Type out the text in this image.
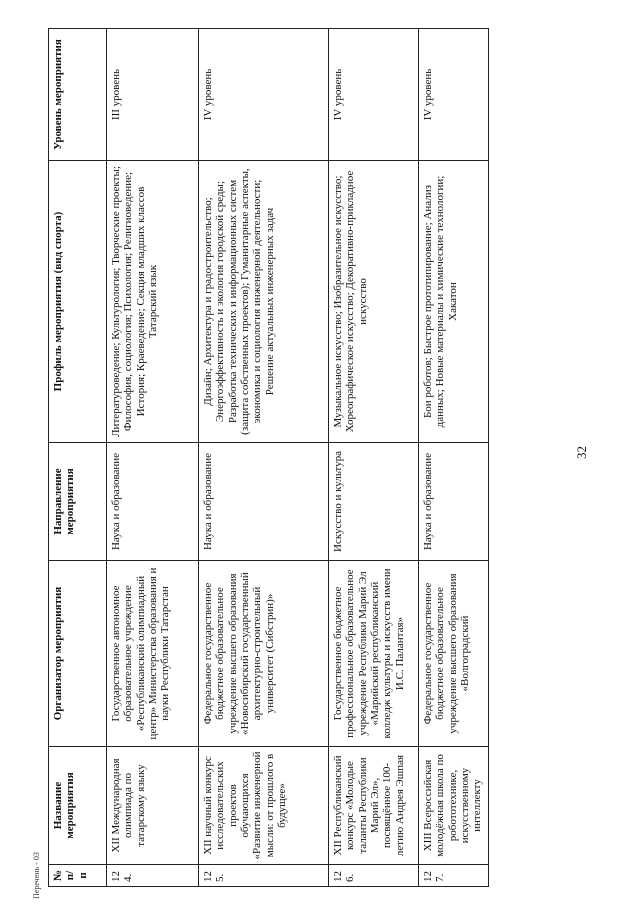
32
Перечень - 03 № п/п	Название мероприятия	Организатор мероприятия	Направление мероприятия	Профиль мероприятия (вид спорта)	Уровень мероприятия
124.	XII Международная олимпиада по татарскому языку	Государственное автономное образовательное учреждение «Республиканский олимпиадный центр» Министерства образования и науки Республики Татарстан	Наука и образование	Литературоведение; Культурология; Творческие проекты; Философия, социология; Психология; Религиоведение; История; Краеведение; Секция младших классов Татарский язык	III уровень
125.	XII научный конкурс исследовательских проектов обучающихся «Развитие инженерной мысли: от прошлого в будущее»	Федеральное государственное бюджетное образовательное учреждение высшего образования «Новосибирский государственный архитектурно-строительный университет (Сибстрин)»	Наука и образование	Дизайн; Архитектура и градостроительство; Энергоэффективность и экология городской среды; Разработка технических и информационных систем (защита собственных проектов); Гуманитарные аспекты, экономика и социология инженерной деятельности; Решение актуальных инженерных задач	IV уровень
126.	XII Республиканский конкурс «Молодые таланты Республики Марий Эл», посвящённое 100-летию Андрея Эшпая	Государственное бюджетное профессиональное образовательное учреждение Республики Марий Эл «Марийский республиканский колледж культуры и искусств имени И.С. Палантая»	Искусство и культура	Музыкальное искусство; Изобразительное искусство; Хореографическое искусство; Декоративно-прикладное искусство	IV уровень
127.	XIII Всероссийская молодёжная школа по робототехнике, искусственному интеллекту	Федеральное государственное бюджетное образовательное учреждение высшего образования «Волгоградский	Наука и образование	Бои роботов; Быстрое прототипирование; Анализ данных; Новые материалы и химические технологии; Хакатон	IV уровень
